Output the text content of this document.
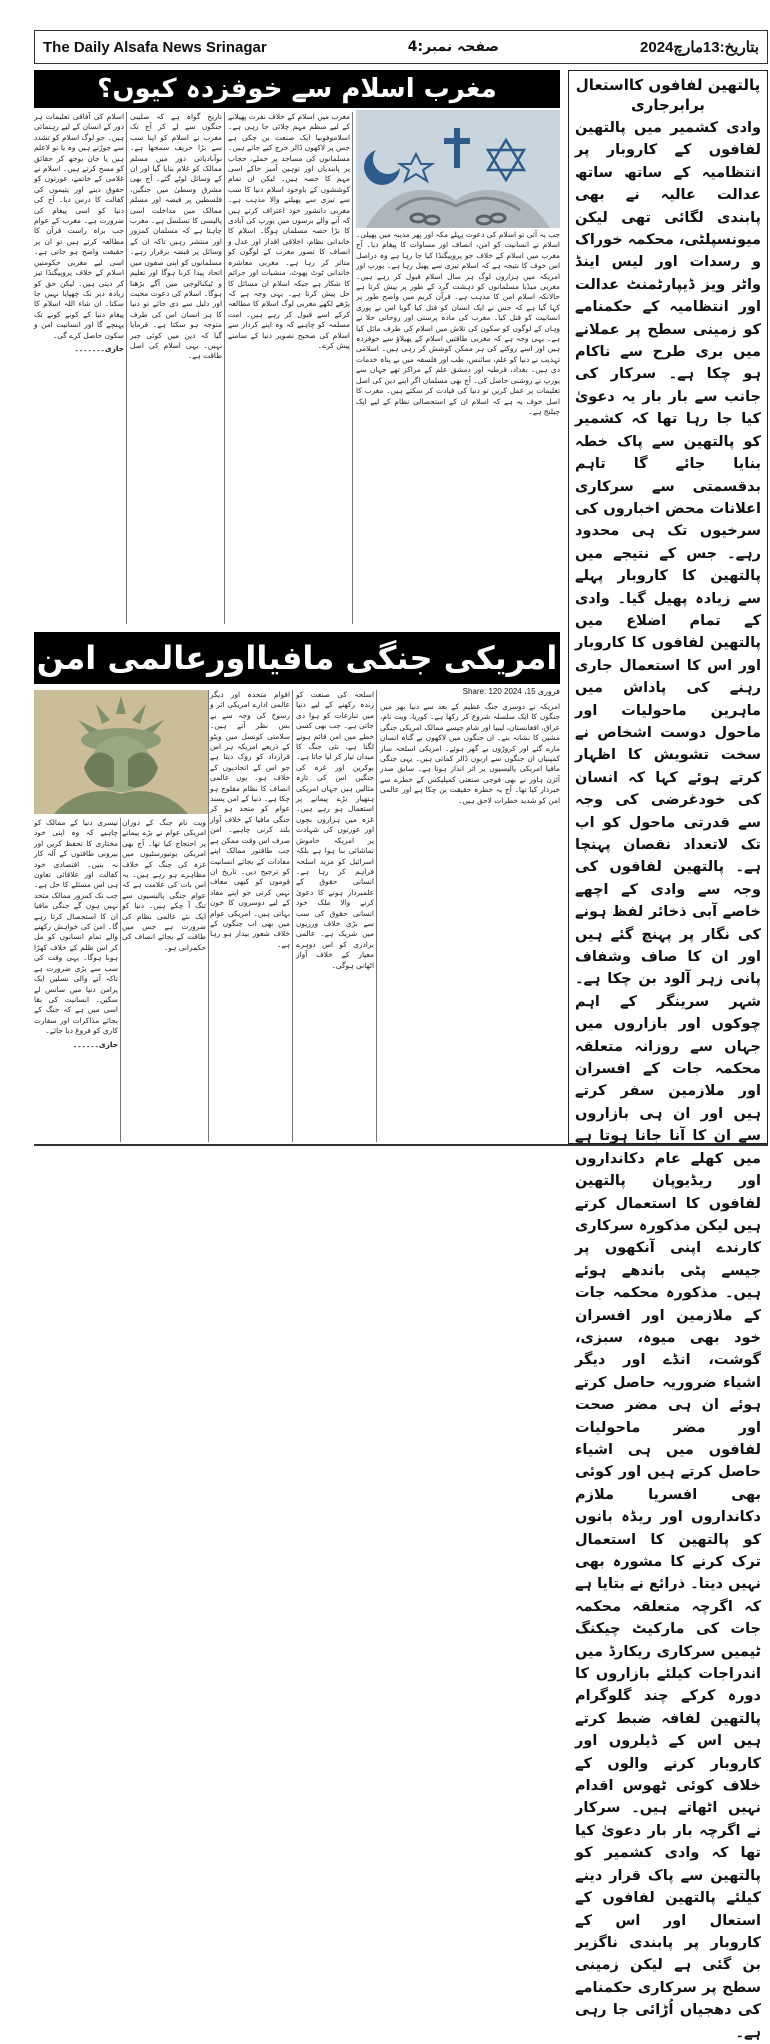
The Daily Alsafa News Srinagar	صفحہ نمبر:4	بتاریخ:13مارچ2024
پالتھین لفافوں کااستعال برابرجاری
وادی کشمیر میں پالتھین لفافوں کے کاروبار پر انتظامیہ کے ساتھ ساتھ عدالت عالیہ نے بھی پابندی لگائی تھی لیکن میونسپلٹی، محکمہ خوراک و رسدات اور لیس اینڈ واٹر ویز ڈیپارٹمنٹ عدالت اور انتظامیہ کے حکمنامے کو زمینی سطح پر عملانے میں بری طرح سے ناکام ہو چکا ہے۔ سرکار کی جانب سے بار بار یہ دعویٰ کیا جا رہا تھا کہ کشمیر کو پالتھین سے پاک خطہ بنایا جائے گا تاہم بدقسمتی سے سرکاری اعلانات محض اخباروں کی سرخیوں تک ہی محدود رہے۔ جس کے نتیجے میں پالتھین کا کاروبار پہلے سے زیادہ پھیل گیا۔ وادی کے تمام اضلاع میں پالتھین لفافوں کا کاروبار اور اس کا استعمال جاری رہنے کی پاداش میں ماہرین ماحولیات اور ماحول دوست اشخاص نے سخت تشویش کا اظہار کرتے ہوئے کہا کہ انسان کی خودغرضی کی وجہ سے قدرتی ماحول کو اب تک لاتعداد نقصان پہنچا ہے۔ پالتھین لفافوں کی وجہ سے وادی کے اچھے خاصے آبی ذخائر لفظ ہونے کی نگار پر پہنچ گئے ہیں اور ان کا صاف وشفاف پانی زہر آلود بن چکا ہے۔ شہر سرینگر کے اہم چوکوں اور بازاروں میں جہاں سے روزانہ متعلقہ محکمہ جات کے افسران اور ملازمین سفر کرتے ہیں اور ان ہی بازاروں سے ان کا آنا جانا ہوتا ہے میں کھلے عام دکانداروں اور ریڈیوپان پالتھین لفافوں کا استعمال کرتے ہیں لیکن مذکورہ سرکاری کارندے اپنی آنکھوں پر جیسے پٹی باندھے ہوئے ہیں۔ مذکورہ محکمہ جات کے ملازمین اور افسران خود بھی میوہ، سبزی، گوشت، انڈے اور دیگر اشیاء ضروریہ حاصل کرتے ہوئے ان ہی مضر صحت اور مضر ماحولیات لفافوں میں ہی اشیاء حاصل کرتے ہیں اور کوئی بھی افسریا ملازم دکانداروں اور ریڈہ بانوں کو پالتھین کا استعمال ترک کرنے کا مشورہ بھی نہیں دیتا۔ ذرائع نے بتایا ہے کہ اگرچہ متعلقہ محکمہ جات کی مارکیٹ چیکنگ ٹیمیں سرکاری ریکارڈ میں اندراجات کیلئے بازاروں کا دورہ کرکے چند گلوگرام پالتھین لفافہ ضبط کرتے ہیں اس کے ڈیلروں اور کاروبار کرنے والوں کے خلاف کوئی ٹھوس اقدام نہیں اٹھاتے ہیں۔ سرکار نے اگرچہ بار بار دعویٰ کیا تھا کہ وادی کشمیر کو پالتھین سے پاک قرار دینے کیلئے پالتھین لفافوں کے استعال اور اس کے کاروبار پر پابندی ناگزیر بن گئی ہے لیکن زمینی سطح پر سرکاری حکمنامے کی دھجیاں اُڑائی جا رہی ہے۔
مغرب اسلام سے خوفزدہ کیوں؟

جب یہ آئی تو اسلام کی دعوت پہلے مکہ اور پھر مدینہ میں پھیلی۔ اسلام نے انسانیت کو امن، انصاف اور مساوات کا پیغام دیا۔ آج مغرب میں اسلام کے خلاف جو پروپیگنڈا کیا جا رہا ہے وہ دراصل اس خوف کا نتیجہ ہے کہ اسلام تیزی سے پھیل رہا ہے۔ یورپ اور امریکہ میں ہزاروں لوگ ہر سال اسلام قبول کر رہے ہیں۔ مغربی میڈیا مسلمانوں کو دہشت گرد کے طور پر پیش کرتا ہے حالانکہ اسلام امن کا مذہب ہے۔ قرآن کریم میں واضح طور پر کہا گیا ہے کہ جس نے ایک انسان کو قتل کیا گویا اس نے پوری انسانیت کو قتل کیا۔ مغرب کی مادہ پرستی اور روحانی خلا نے وہاں کے لوگوں کو سکون کی تلاش میں اسلام کی طرف مائل کیا ہے۔ یہی وجہ ہے کہ مغربی طاقتیں اسلام کے پھیلاؤ سے خوفزدہ ہیں اور اسے روکنے کی ہر ممکن کوشش کر رہی ہیں۔ اسلامی تہذیب نے دنیا کو علم، سائنس، طب اور فلسفہ میں بے پناہ خدمات دی ہیں۔ بغداد، قرطبہ اور دمشق علم کے مراکز تھے جہاں سے یورپ نے روشنی حاصل کی۔ آج بھی مسلمان اگر اپنے دین کی اصل تعلیمات پر عمل کریں تو دنیا کی قیادت کر سکتے ہیں۔ مغرب کا اصل خوف یہ ہے کہ اسلام ان کے استحصالی نظام کے لیے ایک چیلنج ہے۔

مغرب میں اسلام کے خلاف نفرت پھیلانے کے لیے منظم مہم چلائی جا رہی ہے۔ اسلاموفوبیا ایک صنعت بن چکی ہے جس پر لاکھوں ڈالر خرچ کیے جاتے ہیں۔ مسلمانوں کی مساجد پر حملے، حجاب پر پابندیاں اور توہین آمیز خاکے اسی مہم کا حصہ ہیں۔ لیکن ان تمام کوششوں کے باوجود اسلام دنیا کا سب سے تیزی سے پھیلنے والا مذہب ہے۔ مغربی دانشور خود اعتراف کرتے ہیں کہ آنے والے برسوں میں یورپ کی آبادی کا بڑا حصہ مسلمان ہوگا۔ اسلام کا خاندانی نظام، اخلاقی اقدار اور عدل و انصاف کا تصور مغرب کے لوگوں کو متاثر کر رہا ہے۔ مغربی معاشرہ خاندانی ٹوٹ پھوٹ، منشیات اور جرائم کا شکار ہے جبکہ اسلام ان مسائل کا حل پیش کرتا ہے۔ یہی وجہ ہے کہ پڑھے لکھے مغربی لوگ اسلام کا مطالعہ کرکے اسے قبول کر رہے ہیں۔ امت مسلمہ کو چاہیے کہ وہ اپنے کردار سے اسلام کی صحیح تصویر دنیا کے سامنے پیش کرے۔

تاریخ گواہ ہے کہ صلیبی جنگوں سے لے کر آج تک مغرب نے اسلام کو اپنا سب سے بڑا حریف سمجھا ہے۔ نوآبادیاتی دور میں مسلم ممالک کو غلام بنایا گیا اور ان کے وسائل لوٹے گئے۔ آج بھی مشرق وسطیٰ میں جنگیں، فلسطین پر قبضہ اور مسلم ممالک میں مداخلت اسی پالیسی کا تسلسل ہے۔ مغرب چاہتا ہے کہ مسلمان کمزور اور منتشر رہیں تاکہ ان کے وسائل پر قبضہ برقرار رہے۔ مسلمانوں کو اپنی صفوں میں اتحاد پیدا کرنا ہوگا اور تعلیم و ٹیکنالوجی میں آگے بڑھنا ہوگا۔ اسلام کی دعوت محبت اور دلیل سے دی جائے تو دنیا کا ہر انسان اس کی طرف متوجہ ہو سکتا ہے۔ فرمایا گیا کہ دین میں کوئی جبر نہیں۔ یہی اسلام کی اصل طاقت ہے۔

اسلام کی آفاقی تعلیمات ہر دور کے انسان کے لیے رہنمائی ہیں۔ جو لوگ اسلام کو تشدد سے جوڑتے ہیں وہ یا تو لاعلم ہیں یا جان بوجھ کر حقائق کو مسخ کرتے ہیں۔ اسلام نے غلامی کے خاتمے، عورتوں کو حقوق دینے اور یتیموں کی کفالت کا درس دیا۔ آج کی دنیا کو اسی پیغام کی ضرورت ہے۔ مغرب کے عوام جب براہ راست قرآن کا مطالعہ کرتے ہیں تو ان پر حقیقت واضح ہو جاتی ہے۔ اسی لیے مغربی حکومتیں اسلام کے خلاف پروپیگنڈا تیز کر دیتی ہیں۔ لیکن حق کو زیادہ دیر تک چھپایا نہیں جا سکتا۔ ان شاء اللہ اسلام کا پیغام دنیا کے کونے کونے تک پہنچے گا اور انسانیت امن و سکون حاصل کرے گی۔

جاری۔۔۔۔۔۔۔

امریکی جنگی مافیااورعالمی امن
فروری 15، 2024 120 :Share

امریکہ نے دوسری جنگ عظیم کے بعد سے دنیا بھر میں جنگوں کا ایک سلسلہ شروع کر رکھا ہے۔ کوریا، ویت نام، عراق، افغانستان، لیبیا اور شام جیسے ممالک امریکی جنگی مشین کا نشانہ بنے۔ ان جنگوں میں لاکھوں بے گناہ انسان مارے گئے اور کروڑوں بے گھر ہوئے۔ امریکی اسلحہ ساز کمپنیاں ان جنگوں سے اربوں ڈالر کماتی ہیں۔ یہی جنگی مافیا امریکی پالیسیوں پر اثر انداز ہوتا ہے۔ سابق صدر آئزن ہاور نے بھی فوجی صنعتی کمپلیکس کے خطرے سے خبردار کیا تھا۔ آج یہ خطرہ حقیقت بن چکا ہے اور عالمی امن کو شدید خطرات لاحق ہیں۔

اسلحہ کی صنعت کو زندہ رکھنے کے لیے دنیا میں تنازعات کو ہوا دی جاتی ہے۔ جب بھی کسی خطے میں امن قائم ہونے لگتا ہے، نئی جنگ کا میدان تیار کر لیا جاتا ہے۔ یوکرین اور غزہ کی جنگیں اس کی تازہ مثالیں ہیں جہاں امریکی ہتھیار بڑے پیمانے پر استعمال ہو رہے ہیں۔ غزہ میں ہزاروں بچوں اور عورتوں کی شہادت پر امریکہ خاموش تماشائی بنا ہوا ہے بلکہ اسرائیل کو مزید اسلحہ فراہم کر رہا ہے۔ انسانی حقوق کے علمبردار ہونے کا دعویٰ کرنے والا ملک خود انسانی حقوق کی سب سے بڑی خلاف ورزیوں میں شریک ہے۔ عالمی برادری کو اس دوہرے معیار کے خلاف آواز اٹھانی ہوگی۔

اقوام متحدہ اور دیگر عالمی ادارے امریکی اثر و رسوخ کی وجہ سے بے بس نظر آتے ہیں۔ سلامتی کونسل میں ویٹو کے ذریعے امریکہ ہر اس قرارداد کو روک دیتا ہے جو اس کے اتحادیوں کے خلاف ہو۔ یوں عالمی انصاف کا نظام مفلوج ہو چکا ہے۔ دنیا کے امن پسند عوام کو متحد ہو کر جنگی مافیا کے خلاف آواز بلند کرنی چاہیے۔ امن صرف اس وقت ممکن ہے جب طاقتور ممالک اپنے مفادات کے بجائے انسانیت کو ترجیح دیں۔ تاریخ ان قوموں کو کبھی معاف نہیں کرتی جو اپنے مفاد کے لیے دوسروں کا خون بہاتی ہیں۔ امریکی عوام میں بھی اب جنگوں کے خلاف شعور بیدار ہو رہا ہے۔

ویت نام جنگ کے دوران امریکی عوام نے بڑے پیمانے پر احتجاج کیا تھا۔ آج بھی امریکی یونیورسٹیوں میں غزہ کی جنگ کے خلاف مظاہرے ہو رہے ہیں۔ یہ اس بات کی علامت ہے کہ عوام جنگی پالیسیوں سے تنگ آ چکے ہیں۔ دنیا کو ایک نئے عالمی نظام کی ضرورت ہے جس میں طاقت کے بجائے انصاف کی حکمرانی ہو۔

تیسری دنیا کے ممالک کو چاہیے کہ وہ اپنی خود مختاری کا تحفظ کریں اور بیرونی طاقتوں کے آلہ کار نہ بنیں۔ اقتصادی خود کفالت اور علاقائی تعاون ہی اس مسئلے کا حل ہے۔ جب تک کمزور ممالک متحد نہیں ہوں گے جنگی مافیا ان کا استحصال کرتا رہے گا۔ امن کی خواہش رکھنے والے تمام انسانوں کو مل کر اس ظلم کے خلاف کھڑا ہونا ہوگا۔ یہی وقت کی سب سے بڑی ضرورت ہے تاکہ آنے والی نسلیں ایک پرامن دنیا میں سانس لے سکیں۔ انسانیت کی بقا اسی میں ہے کہ جنگ کے بجائے مذاکرات اور سفارت کاری کو فروغ دیا جائے۔

جاری۔۔۔۔۔۔
